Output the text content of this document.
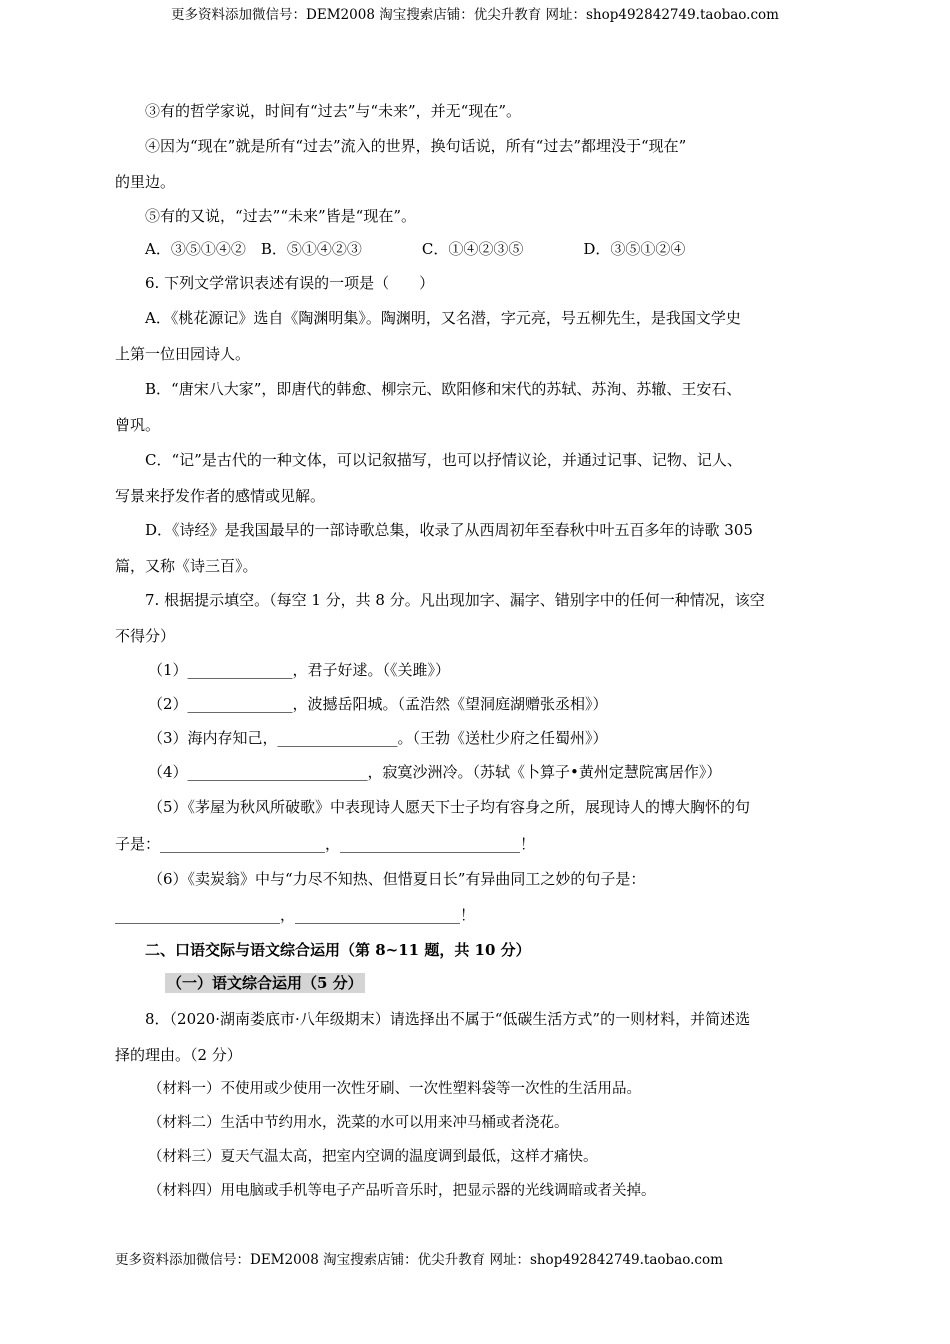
更多资料添加微信号：DEM2008 淘宝搜索店铺：优尖升教育 网址：shop492842749.taobao.com
③有的哲学家说，时间有“过去”与“未来”，并无“现在”。
④因为“现在”就是所有“过去”流入的世界，换句话说，所有“过去”都埋没于“现在”
的里边。
⑤有的又说，“过去”“未来”皆是“现在”。
A．③⑤①④②　B．⑤①④②③　　　　C．①④②③⑤　　　　D．③⑤①②④
6. 下列文学常识表述有误的一项是（　　）
A．《桃花源记》选自《陶渊明集》。陶渊明，又名潜，字元亮，号五柳先生，是我国文学史
上第一位田园诗人。
B．“唐宋八大家”，即唐代的韩愈、柳宗元、欧阳修和宋代的苏轼、苏洵、苏辙、王安石、
曾巩。
C．“记”是古代的一种文体，可以记叙描写，也可以抒情议论，并通过记事、记物、记人、
写景来抒发作者的感情或见解。
D．《诗经》是我国最早的一部诗歌总集，收录了从西周初年至春秋中叶五百多年的诗歌 305
篇，又称《诗三百》。
7. 根据提示填空。（每空 1 分，共 8 分。凡出现加字、漏字、错别字中的任何一种情况，该空
不得分）
（1）______________，君子好逑。（《关雎》）
（2）______________，波撼岳阳城。（孟浩然《望洞庭湖赠张丞相》）
（3）海内存知己，________________。（王勃《送杜少府之任蜀州》）
（4）________________________，寂寞沙洲冷。（苏轼《卜算子•黄州定慧院寓居作》）
（5）《茅屋为秋风所破歌》中表现诗人愿天下士子均有容身之所，展现诗人的博大胸怀的句
子是：______________________，________________________！
（6）《卖炭翁》中与“力尽不知热、但惜夏日长”有异曲同工之妙的句子是：
______________________，______________________！
二、口语交际与语文综合运用（第 8~11 题，共 10 分）
（一）语文综合运用（5 分）
8．（2020·湖南娄底市·八年级期末）请选择出不属于“低碳生活方式”的一则材料，并简述选
择的理由。（2 分）
（材料一）不使用或少使用一次性牙刷、一次性塑料袋等一次性的生活用品。
（材料二）生活中节约用水，洗菜的水可以用来冲马桶或者浇花。
（材料三）夏天气温太高，把室内空调的温度调到最低，这样才痛快。
（材料四）用电脑或手机等电子产品听音乐时，把显示器的光线调暗或者关掉。
更多资料添加微信号：DEM2008 淘宝搜索店铺：优尖升教育 网址：shop492842749.taobao.com
